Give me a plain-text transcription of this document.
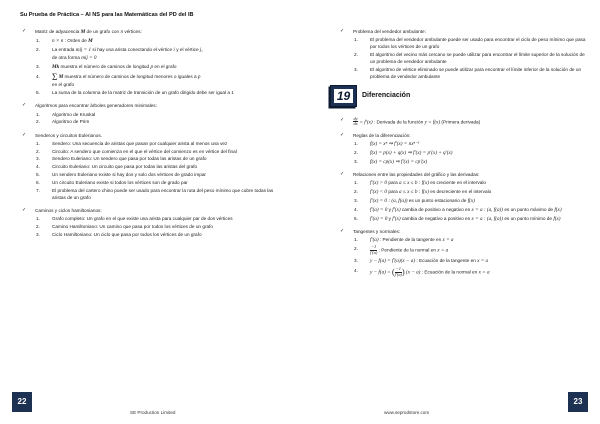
Su Prueba de Práctica – AI NS para las Matemáticas del PD del IB
✓	Matriz de adyacencia M de un grafo con n vértices:
1. n × n : Orden de M
2.	La entrada mij = 1 si hay una arista conectando el vértice i y el vértice j,
de otra forma mij = 0
3. Mk muestra el número de caminos de longitud p en el grafo
4. Σ M muestra el número de caminos de longitud menores o iguales a p
en el grafo
5.	La suma de la columna de la matriz de transición de un grafo dirigido debe ser igual a 1
✓	Algoritmos para encontrar árboles generadores minimales:
1.	Algoritmo de Kruskal
2.	Algoritmo de Prim
✓	Senderos y circuitos Eulerianos.
1.	Sendero: Una secuencia de aristas que pasan por cualquier arista al menos una vez
2.	Circuito: A sendero que comienza en el que el vértice del comienzo es en vértice del final
3.	Sendero Euleriano: Un sendero que pasa por todas las aristas de un grafo
4.	Circuito Euleriano: Un circuito que pasa por todas las aristas del grafo
5.	Un sendero Euleriano existe si hay dos y solo dos vértices de grado impar
6.	Un circuito Euleriano existe si todos los vértices son de grado par
7.	El problema del cartero chino puede ser usado para encontrar la ruta del peso mínimo que cubre todas las aristas de un grafo
✓	Caminos y ciclos hamiltonianos:
1.	Grafo completo: Un grafo en el que existe una arista para cualquier par de dos vértices
2.	Camino Hamiltoniano: Un camino que pasa por todos los vértices de un grafo
3.	Ciclo Hamiltoniano: Un ciclo que pasa por todos los vértices de un grafo
22
SE Production Limited
✓	Problema del vendedor ambulante:
1.	El problema del vendedor ambulante puede ser usado para encontrar el ciclo de peso mínimo que pasa por todos los vértices de un grafo
2.	El algoritmo del vecino más cercano se puede utilizar para encontrar el límite superior de la solución de un problema de vendedor ambulante
3.	El algoritmo de vértice eliminado se puede utilizar para encontrar el límite inferior de la solución de un problema de vendedor ambulante
19	Diferenciación
✓	$\frac{dy}{dx} = f'(x)$ : Derivada de la función y = f(x) (Primera derivada)
✓	Reglas de la diferenciación:
1. f(x) = xⁿ ⇒ f′(x) = nxⁿ⁻¹
2. f(x) = p(x) + q(x) ⇒ f′(x) = p′(x) + q′(x)
3. f(x) = cp(x) ⇒ f′(x) = cp′(x)
✓	Relaciones entre las propiedades del gráfico y las derivadas:
1. f′(x) > 0 para a ≤ x ≤ b : f(x) es creciente en el intervalo
2. f′(x) < 0 para a ≤ x ≤ b : f(x) es decreciente en el intervalo
3. f′(x) = 0 : (a, f(a)) es un punto estacionario de f(x)
4. f′(a) = 0 y f′(x) cambia de positivo a negativo en x = a : (a, f(a)) es un punto máximo de f(x)
5. f′(a) = 0 y f′(x) cambia de negativo a positivo en x = a : (a, f(a)) es un punto mínimo de f(x)
✓	Tangentes y normales:
1. f′(a) : Pendiente de la tangente en x = a
2.	$\frac{-1}{f'(a)}$ : Pendiente de la normal en x = a
3. y − f(a) = f′(a)(x − a) : Ecuación de la tangente en x = a
4. y − f(a) = ( $\frac{-1}{f'(a)}$ ) (x − a) : Ecuación de la normal en x = a
23
www.seprodstore.com
